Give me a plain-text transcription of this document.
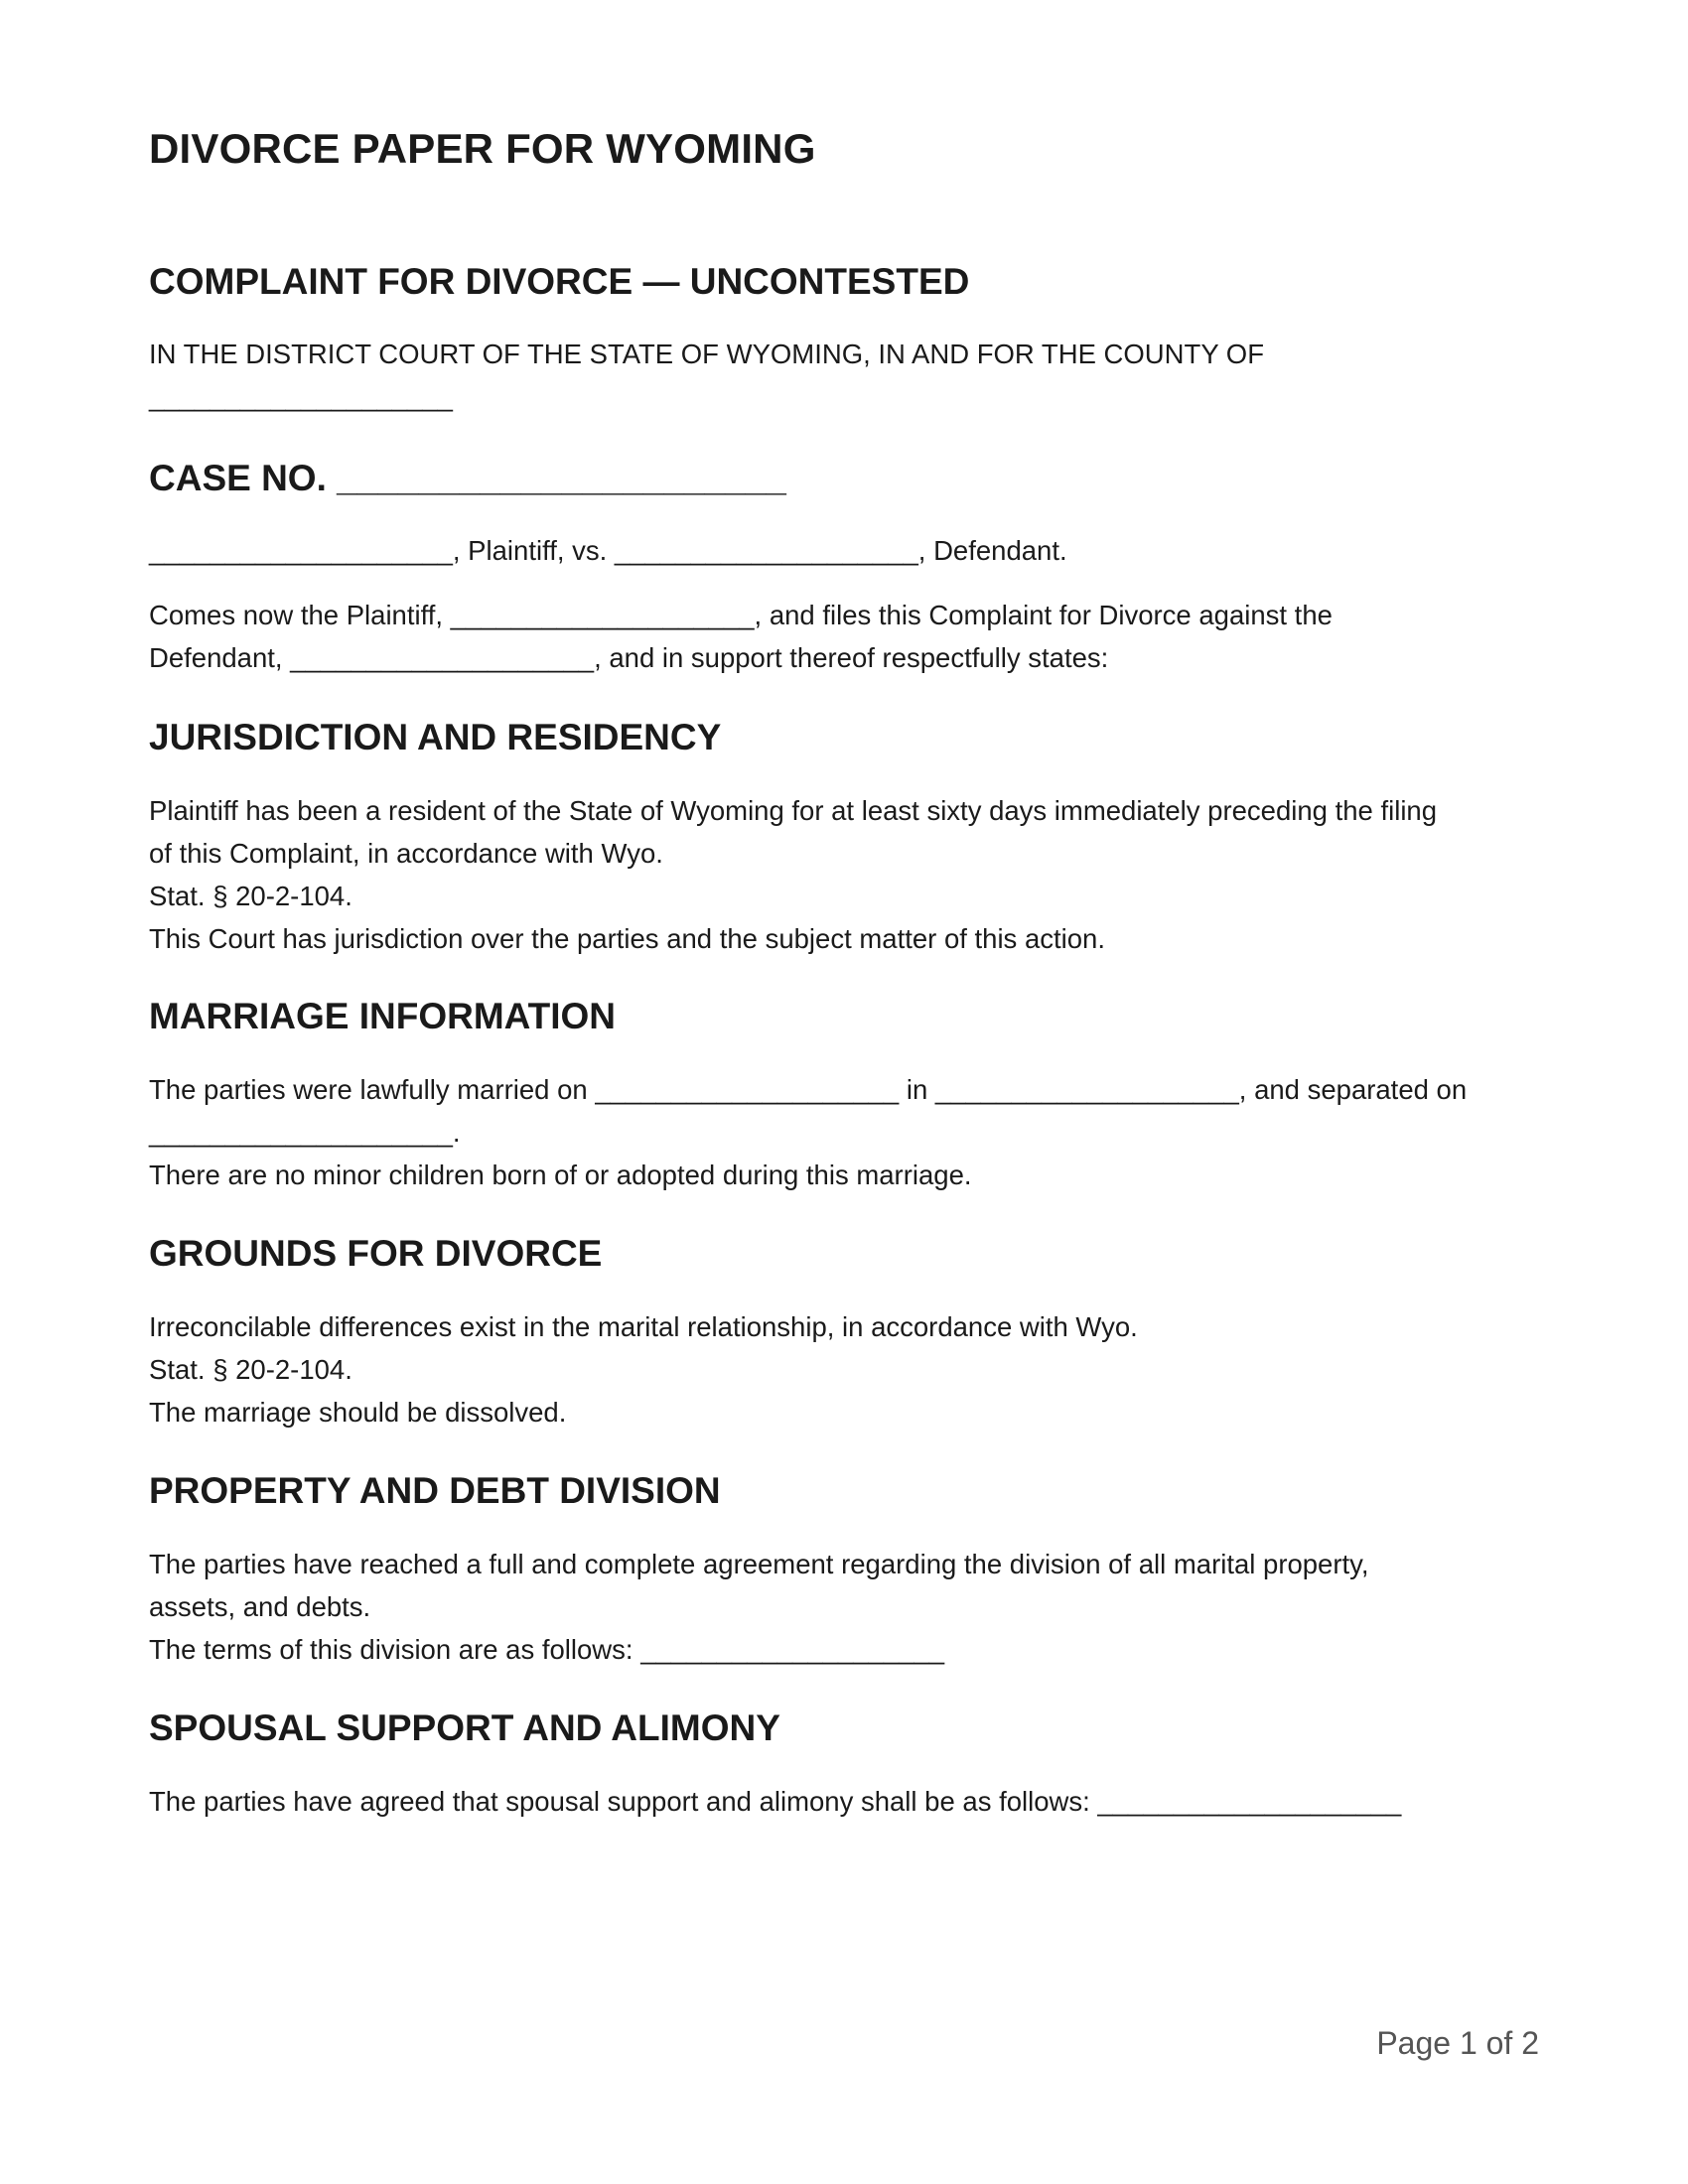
DIVORCE PAPER FOR WYOMING
COMPLAINT FOR DIVORCE — UNCONTESTED

IN THE DISTRICT COURT OF THE STATE OF WYOMING, IN AND FOR THE COUNTY OF
____________________

CASE NO. ______________________

____________________, Plaintiff, vs. ____________________, Defendant.

Comes now the Plaintiff, ____________________, and files this Complaint for Divorce against the
Defendant, ____________________, and in support thereof respectfully states:

JURISDICTION AND RESIDENCY

Plaintiff has been a resident of the State of Wyoming for at least sixty days immediately preceding the filing
of this Complaint, in accordance with Wyo.
Stat. § 20-2-104.
This Court has jurisdiction over the parties and the subject matter of this action.

MARRIAGE INFORMATION

The parties were lawfully married on ____________________ in ____________________, and separated on
____________________.
There are no minor children born of or adopted during this marriage.

GROUNDS FOR DIVORCE

Irreconcilable differences exist in the marital relationship, in accordance with Wyo.
Stat. § 20-2-104.
The marriage should be dissolved.

PROPERTY AND DEBT DIVISION

The parties have reached a full and complete agreement regarding the division of all marital property,
assets, and debts.
The terms of this division are as follows: ____________________

SPOUSAL SUPPORT AND ALIMONY

The parties have agreed that spousal support and alimony shall be as follows: ____________________

Page 1 of 2
